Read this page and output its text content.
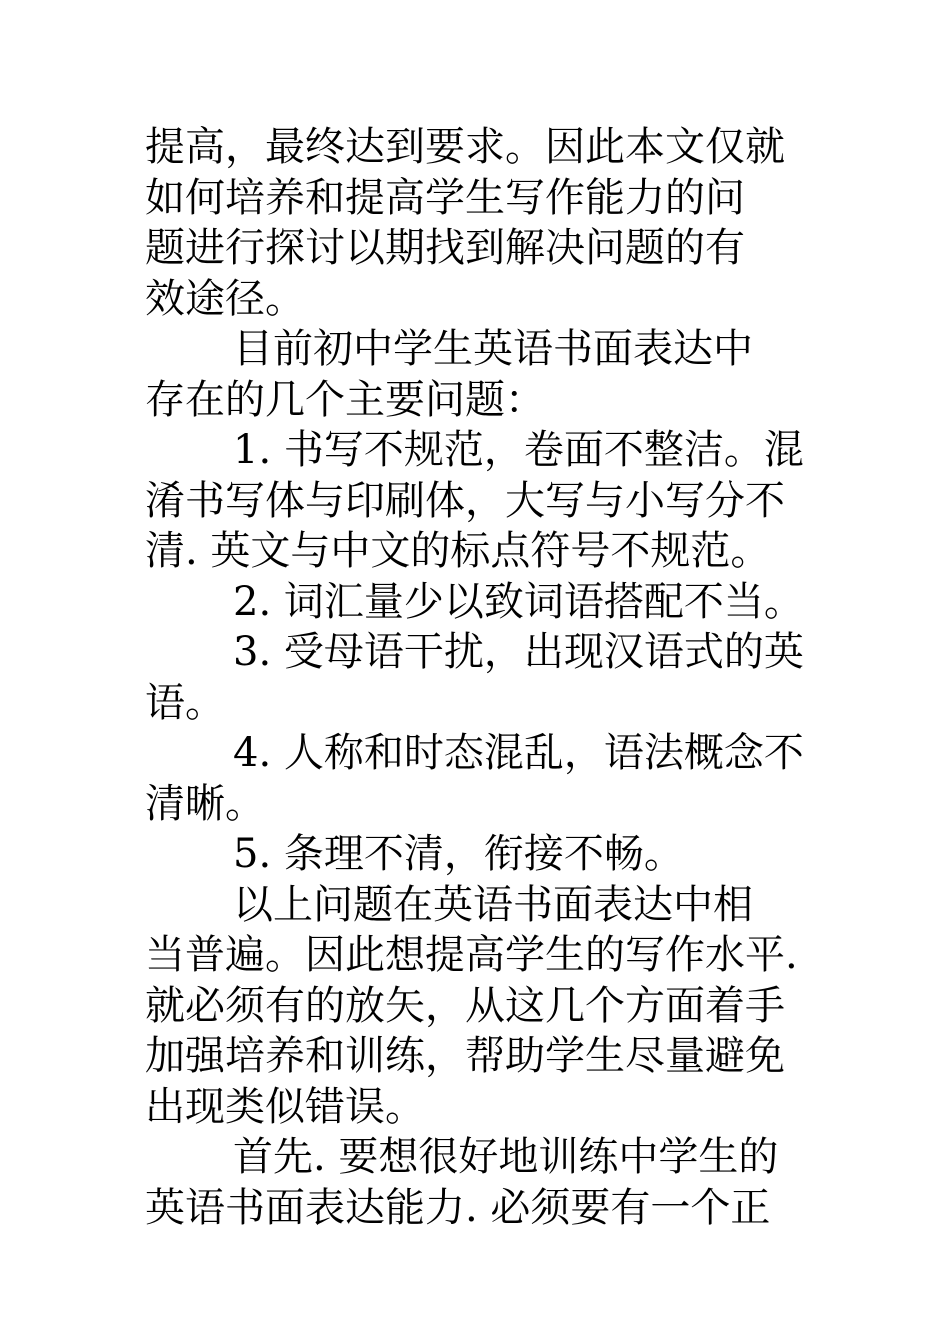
提高，最终达到要求。因此本文仅就
如何培养和提高学生写作能力的问
题进行探讨以期找到解决问题的有
效途径。
目前初中学生英语书面表达中
存在的几个主要问题：
1. 书写不规范，卷面不整洁。混
淆书写体与印刷体，大写与小写分不
清. 英文与中文的标点符号不规范。
2. 词汇量少以致词语搭配不当。
3. 受母语干扰，出现汉语式的英
语。
4. 人称和时态混乱，语法概念不
清晰。
5. 条理不清，衔接不畅。
以上问题在英语书面表达中相
当普遍。因此想提高学生的写作水平.
就必须有的放矢，从这几个方面着手
加强培养和训练，帮助学生尽量避免
出现类似错误。
首先. 要想很好地训练中学生的
英语书面表达能力. 必须要有一个正
